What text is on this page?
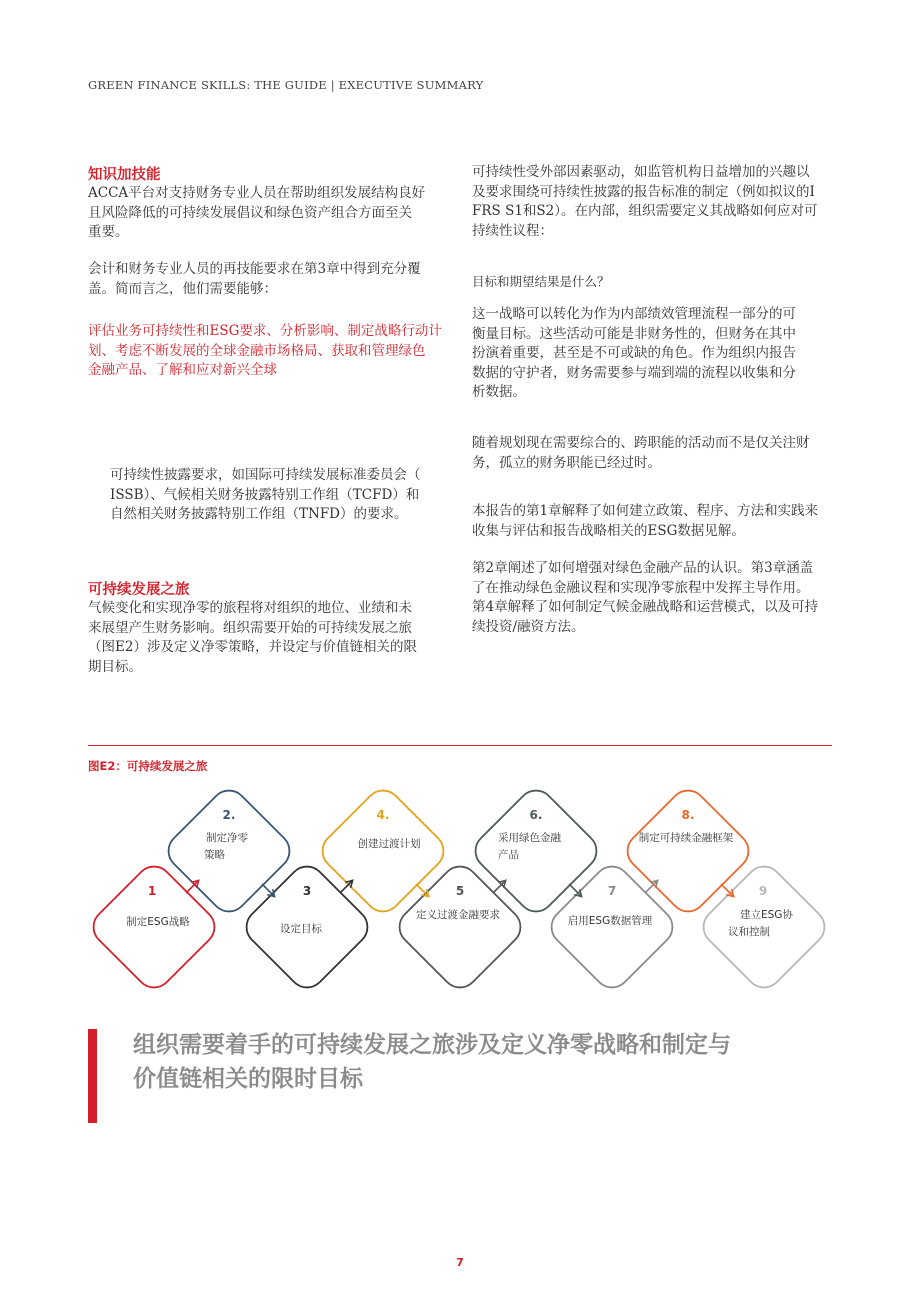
GREEN FINANCE SKILLS: THE GUIDE | EXECUTIVE SUMMARY
知识加技能
ACCA平台对支持财务专业人员在帮助组织发展结构良好
且风险降低的可持续发展倡议和绿色资产组合方面至关
重要。
会计和财务专业人员的再技能要求在第3章中得到充分覆
盖。简而言之，他们需要能够：
评估业务可持续性和ESG要求、分析影响、制定战略行动计
划、考虑不断发展的全球金融市场格局、获取和管理绿色
金融产品、了解和应对新兴全球
可持续性披露要求，如国际可持续发展标准委员会（
ISSB）、气候相关财务披露特别工作组（TCFD）和
自然相关财务披露特别工作组（TNFD）的要求。
可持续发展之旅
气候变化和实现净零的旅程将对组织的地位、业绩和未
来展望产生财务影响。组织需要开始的可持续发展之旅
（图E2）涉及定义净零策略，并设定与价值链相关的限
期目标。
可持续性受外部因素驱动，如监管机构日益增加的兴趣以
及要求围绕可持续性披露的报告标准的制定（例如拟议的I
FRS S1和S2）。在内部，组织需要定义其战略如何应对可
持续性议程：
目标和期望结果是什么？
这一战略可以转化为作为内部绩效管理流程一部分的可
衡量目标。这些活动可能是非财务性的，但财务在其中
扮演着重要，甚至是不可或缺的角色。作为组织内报告
数据的守护者，财务需要参与端到端的流程以收集和分
析数据。
随着规划现在需要综合的、跨职能的活动而不是仅关注财
务，孤立的财务职能已经过时。
本报告的第1章解释了如何建立政策、程序、方法和实践来
收集与评估和报告战略相关的ESG数据见解。
第2章阐述了如何增强对绿色金融产品的认识。第3章涵盖
了在推动绿色金融议程和实现净零旅程中发挥主导作用。
第4章解释了如何制定气候金融战略和运营模式，以及可持
续投资/融资方法。
图E2：可持续发展之旅
2.
制定净零
策略
4.
创建过渡计划
6.
采用绿色金融
产品
8.
制定可持续金融框架
1
制定ESG战略
3
设定目标
5
定义过渡金融要求
7
启用ESG数据管理
9
建立ESG协
议和控制
组织需要着手的可持续发展之旅涉及定义净零战略和制定与
价值链相关的限时目标
7
